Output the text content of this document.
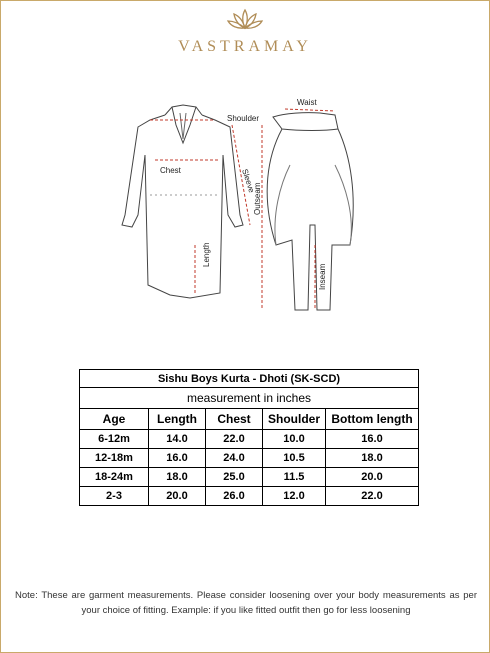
VASTRAMAY
Shoulder
Chest	Sleeve
Length
Waist
Outseam
Inseam
Sishu Boys Kurta - Dhoti (SK-SCD)				
measurement in inches				
Age	Length	Chest	Shoulder	Bottom length
6-12m	14.0	22.0	10.0	16.0
12-18m	16.0	24.0	10.5	18.0
18-24m	18.0	25.0	11.5	20.0
2-3	20.0	26.0	12.0	22.0
Note: These are garment measurements. Please consider loosening over your body measurements as per your choice of fitting. Example: if you like fitted outfit then go for less loosening
